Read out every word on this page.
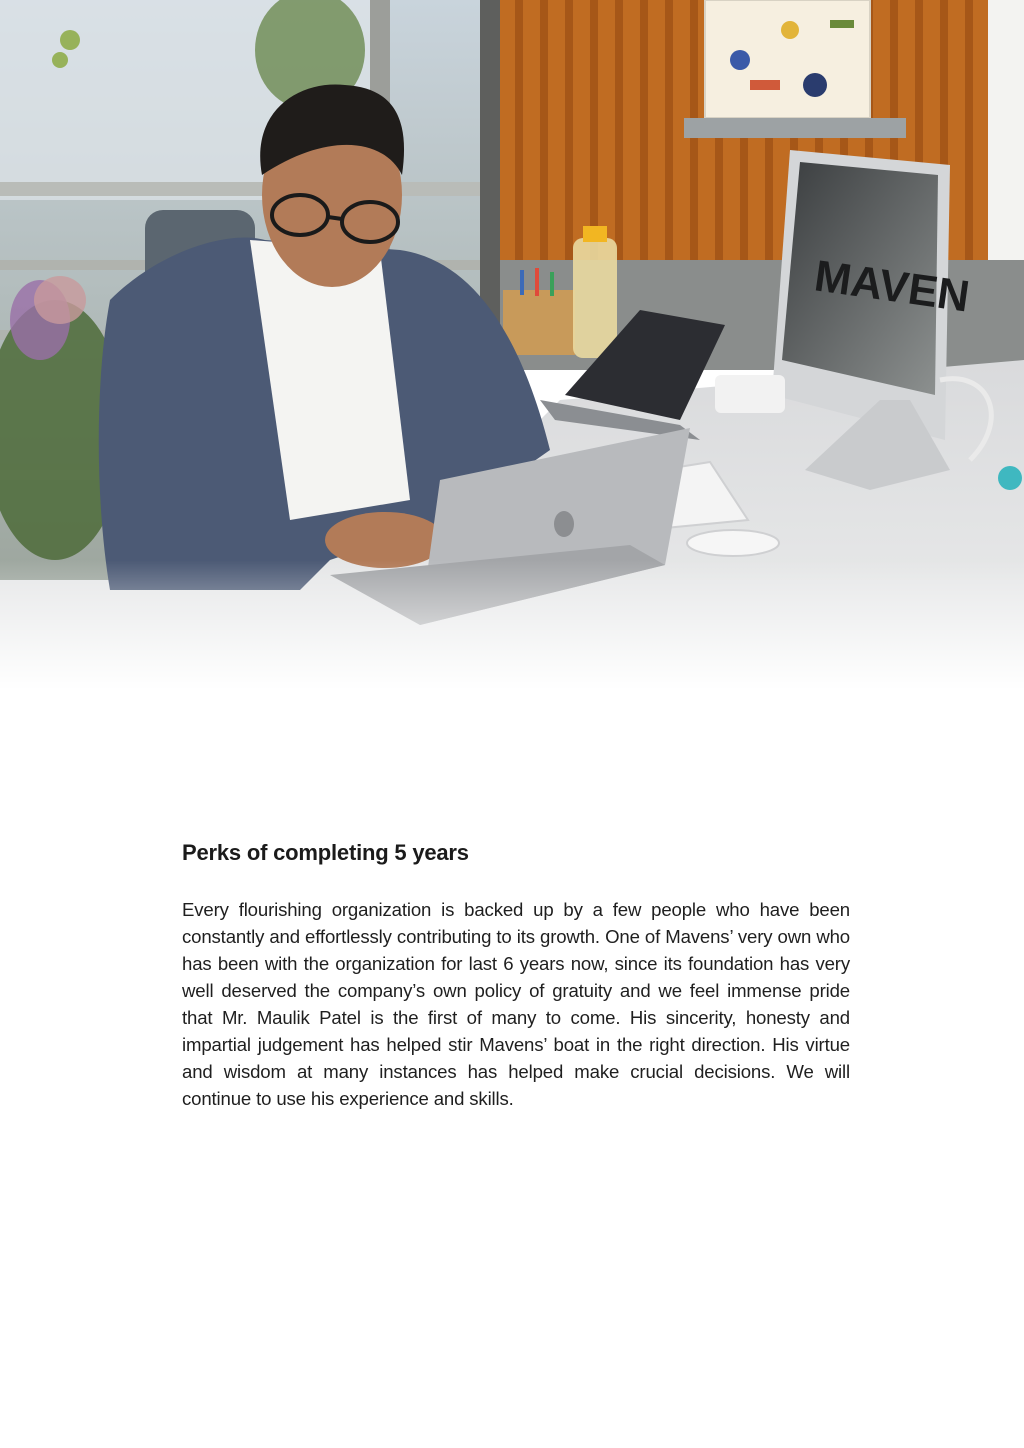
MAVEN
Perks of completing 5 years

Every flourishing organization is backed up by a few people who have been constantly and effortlessly contributing to its growth. One of Mavens’ very own who has been with the organization for last 6 years now, since its foundation has very well deserved the company’s own policy of gratuity and we feel immense pride that Mr. Maulik Patel is the first of many to come. His sincerity, honesty and impartial judgement has helped stir Mavens’ boat in the right direction. His virtue and wisdom at many instances has helped make crucial decisions. We will continue to use his experience and skills.
